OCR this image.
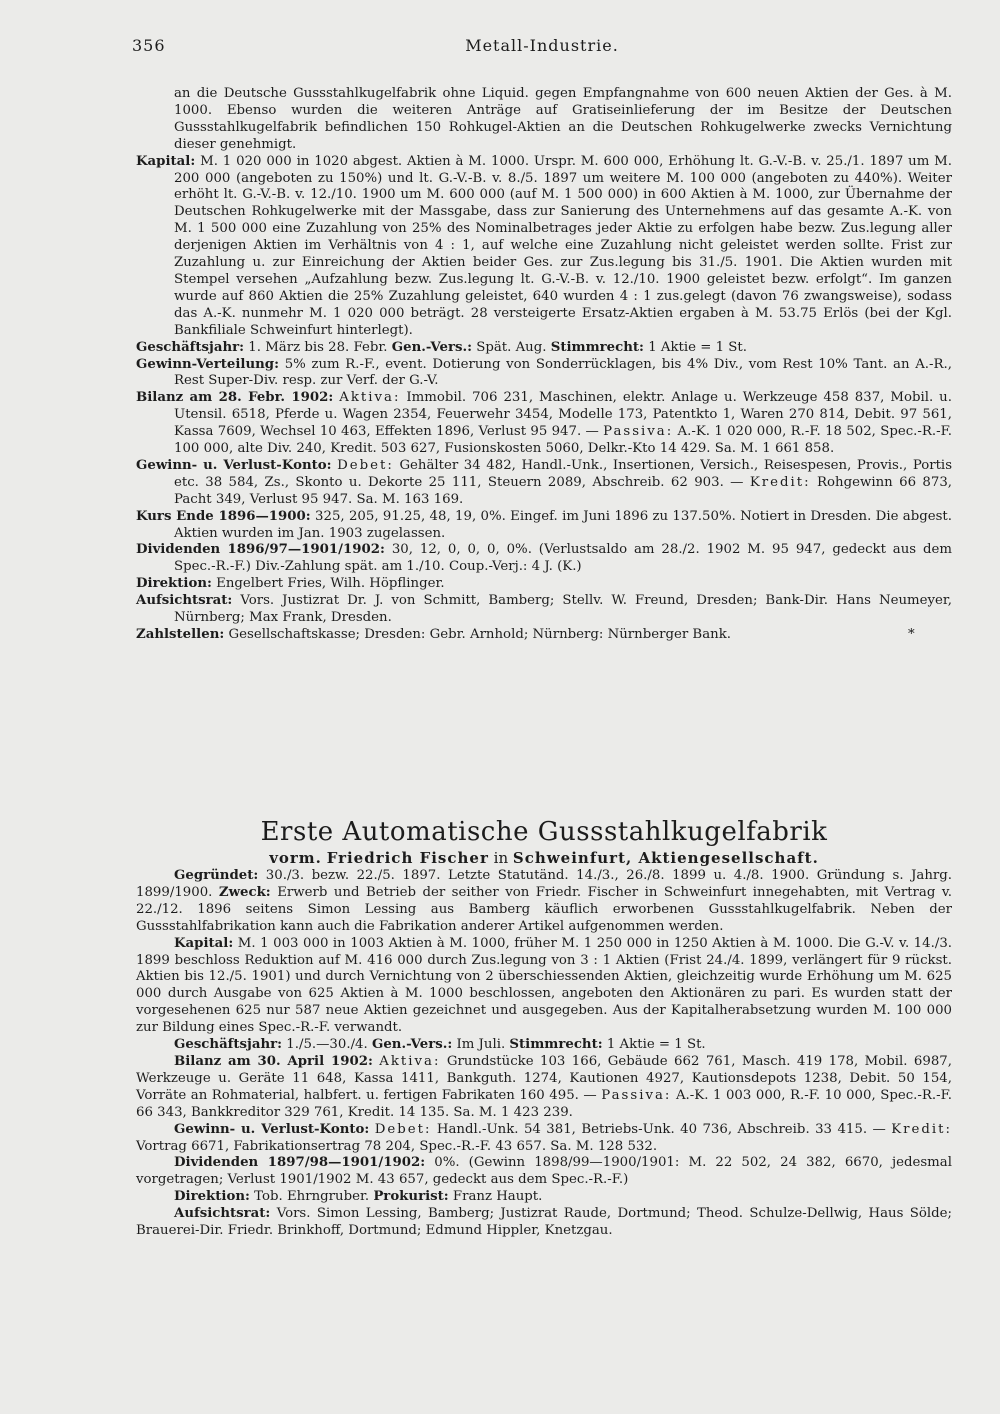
356	Metall-Industrie.

an die Deutsche Gussstahlkugelfabrik ohne Liquid. gegen Empfangnahme von 600 neuen Aktien der Ges. à M. 1000. Ebenso wurden die weiteren Anträge auf Gratiseinlieferung der im Besitze der Deutschen Gussstahlkugelfabrik befindlichen 150 Rohkugel-Aktien an die Deutschen Rohkugelwerke zwecks Vernichtung dieser genehmigt.

Kapital: M. 1 020 000 in 1020 abgest. Aktien à M. 1000. Urspr. M. 600 000, Erhöhung lt. G.-V.-B. v. 25./1. 1897 um M. 200 000 (angeboten zu 150%) und lt. G.-V.-B. v. 8./5. 1897 um weitere M. 100 000 (angeboten zu 440%). Weiter erhöht lt. G.-V.-B. v. 12./10. 1900 um M. 600 000 (auf M. 1 500 000) in 600 Aktien à M. 1000, zur Übernahme der Deutschen Rohkugelwerke mit der Massgabe, dass zur Sanierung des Unternehmens auf das gesamte A.-K. von M. 1 500 000 eine Zuzahlung von 25% des Nominalbetrages jeder Aktie zu erfolgen habe bezw. Zus.legung aller derjenigen Aktien im Verhältnis von 4 : 1, auf welche eine Zuzahlung nicht geleistet werden sollte. Frist zur Zuzahlung u. zur Einreichung der Aktien beider Ges. zur Zus.legung bis 31./5. 1901. Die Aktien wurden mit Stempel versehen „Aufzahlung bezw. Zus.legung lt. G.-V.-B. v. 12./10. 1900 geleistet bezw. erfolgt“. Im ganzen wurde auf 860 Aktien die 25% Zuzahlung geleistet, 640 wurden 4 : 1 zus.gelegt (davon 76 zwangsweise), sodass das A.-K. nunmehr M. 1 020 000 beträgt. 28 versteigerte Ersatz-Aktien ergaben à M. 53.75 Erlös (bei der Kgl. Bankfiliale Schweinfurt hinterlegt).

Geschäftsjahr: 1. März bis 28. Febr. Gen.-Vers.: Spät. Aug. Stimmrecht: 1 Aktie = 1 St.

Gewinn-Verteilung: 5% zum R.-F., event. Dotierung von Sonderrücklagen, bis 4% Div., vom Rest 10% Tant. an A.-R., Rest Super-Div. resp. zur Verf. der G.-V.

Bilanz am 28. Febr. 1902: Aktiva: Immobil. 706 231, Maschinen, elektr. Anlage u. Werkzeuge 458 837, Mobil. u. Utensil. 6518, Pferde u. Wagen 2354, Feuerwehr 3454, Modelle 173, Patentkto 1, Waren 270 814, Debit. 97 561, Kassa 7609, Wechsel 10 463, Effekten 1896, Verlust 95 947. — Passiva: A.-K. 1 020 000, R.-F. 18 502, Spec.-R.-F. 100 000, alte Div. 240, Kredit. 503 627, Fusionskosten 5060, Delkr.-Kto 14 429. Sa. M. 1 661 858.

Gewinn- u. Verlust-Konto: Debet: Gehälter 34 482, Handl.-Unk., Insertionen, Versich., Reisespesen, Provis., Portis etc. 38 584, Zs., Skonto u. Dekorte 25 111, Steuern 2089, Abschreib. 62 903. — Kredit: Rohgewinn 66 873, Pacht 349, Verlust 95 947. Sa. M. 163 169.

Kurs Ende 1896—1900: 325, 205, 91.25, 48, 19, 0%. Eingef. im Juni 1896 zu 137.50%. Notiert in Dresden. Die abgest. Aktien wurden im Jan. 1903 zugelassen.

Dividenden 1896/97—1901/1902: 30, 12, 0, 0, 0, 0%. (Verlustsaldo am 28./2. 1902 M. 95 947, gedeckt aus dem Spec.-R.-F.) Div.-Zahlung spät. am 1./10. Coup.-Verj.: 4 J. (K.)

Direktion: Engelbert Fries, Wilh. Höpflinger.

Aufsichtsrat: Vors. Justizrat Dr. J. von Schmitt, Bamberg; Stellv. W. Freund, Dresden; Bank-Dir. Hans Neumeyer, Nürnberg; Max Frank, Dresden.

Zahlstellen: Gesellschaftskasse; Dresden: Gebr. Arnhold; Nürnberg: Nürnberger Bank.	*

Erste Automatische Gussstahlkugelfabrik

vorm. Friedrich Fischer in Schweinfurt, Aktiengesellschaft.

Gegründet: 30./3. bezw. 22./5. 1897. Letzte Statutänd. 14./3., 26./8. 1899 u. 4./8. 1900. Gründung s. Jahrg. 1899/1900. Zweck: Erwerb und Betrieb der seither von Friedr. Fischer in Schweinfurt innegehabten, mit Vertrag v. 22./12. 1896 seitens Simon Lessing aus Bamberg käuflich erworbenen Gussstahlkugelfabrik. Neben der Gussstahlfabrikation kann auch die Fabrikation anderer Artikel aufgenommen werden.

Kapital: M. 1 003 000 in 1003 Aktien à M. 1000, früher M. 1 250 000 in 1250 Aktien à M. 1000. Die G.-V. v. 14./3. 1899 beschloss Reduktion auf M. 416 000 durch Zus.legung von 3 : 1 Aktien (Frist 24./4. 1899, verlängert für 9 rückst. Aktien bis 12./5. 1901) und durch Vernichtung von 2 überschiessenden Aktien, gleichzeitig wurde Erhöhung um M. 625 000 durch Ausgabe von 625 Aktien à M. 1000 beschlossen, angeboten den Aktionären zu pari. Es wurden statt der vorgesehenen 625 nur 587 neue Aktien gezeichnet und ausgegeben. Aus der Kapitalherabsetzung wurden M. 100 000 zur Bildung eines Spec.-R.-F. verwandt.

Geschäftsjahr: 1./5.—30./4. Gen.-Vers.: Im Juli. Stimmrecht: 1 Aktie = 1 St.

Bilanz am 30. April 1902: Aktiva: Grundstücke 103 166, Gebäude 662 761, Masch. 419 178, Mobil. 6987, Werkzeuge u. Geräte 11 648, Kassa 1411, Bankguth. 1274, Kautionen 4927, Kautionsdepots 1238, Debit. 50 154, Vorräte an Rohmaterial, halbfert. u. fertigen Fabrikaten 160 495. — Passiva: A.-K. 1 003 000, R.-F. 10 000, Spec.-R.-F. 66 343, Bankkreditor 329 761, Kredit. 14 135. Sa. M. 1 423 239.

Gewinn- u. Verlust-Konto: Debet: Handl.-Unk. 54 381, Betriebs-Unk. 40 736, Abschreib. 33 415. — Kredit: Vortrag 6671, Fabrikationsertrag 78 204, Spec.-R.-F. 43 657. Sa. M. 128 532.

Dividenden 1897/98—1901/1902: 0%. (Gewinn 1898/99—1900/1901: M. 22 502, 24 382, 6670, jedesmal vorgetragen; Verlust 1901/1902 M. 43 657, gedeckt aus dem Spec.-R.-F.)

Direktion: Tob. Ehrngruber. Prokurist: Franz Haupt.

Aufsichtsrat: Vors. Simon Lessing, Bamberg; Justizrat Raude, Dortmund; Theod. Schulze-Dellwig, Haus Sölde; Brauerei-Dir. Friedr. Brinkhoff, Dortmund; Edmund Hippler, Knetzgau.
